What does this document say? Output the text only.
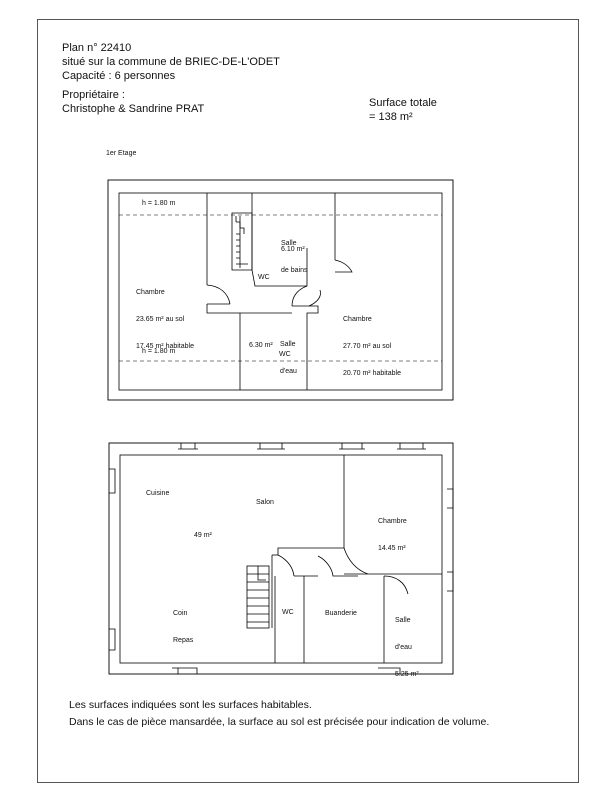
Plan n° 22410
situé sur la commune de BRIEC-DE-L'ODET
Capacité : 6 personnes
Propriétaire :
Christophe & Sandrine PRAT	Surface totale
= 138 m²
1er Etage
h = 1.80 m
h = 1.80 m

Chambre

23.65 m² au sol

17.45 m² habitable

Salle

de bains

6.10 m²
WC

Chambre

27.70 m² au sol

20.70 m² habitable

Salle

d'eau

6.30 m²
WC
Cuisine
Salon
49 m²

Coin

Repas

WC	Buanderie

Chambre

14.45 m²

Salle

d'eau

5.25 m²

Les surfaces indiquées sont les surfaces habitables.
Dans le cas de pièce mansardée, la surface au sol est précisée pour indication de volume.
